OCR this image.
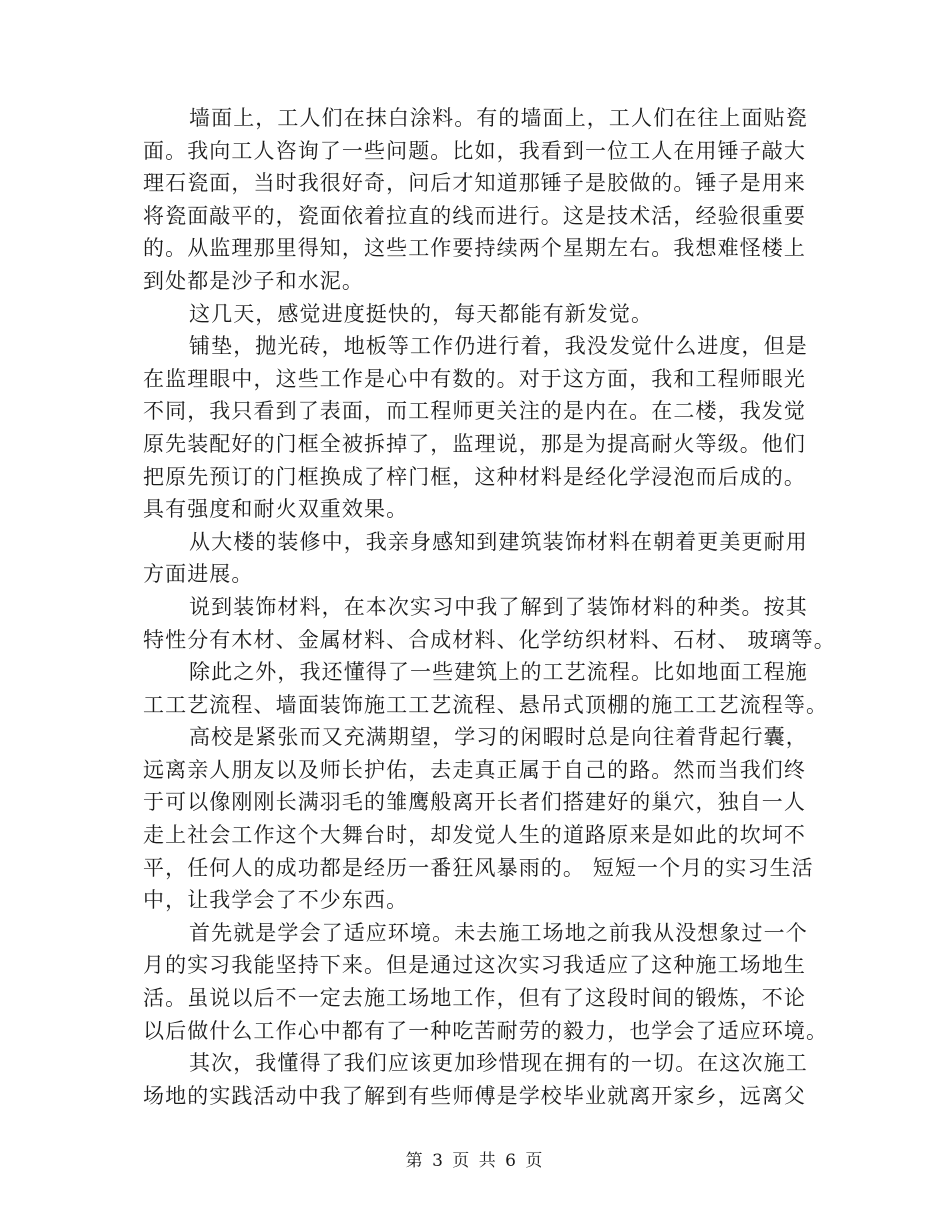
墙面上，工人们在抹白涂料。有的墙面上，工人们在往上面贴瓷
面。我向工人咨询了一些问题。比如，我看到一位工人在用锤子敲大
理石瓷面，当时我很好奇，问后才知道那锤子是胶做的。锤子是用来
将瓷面敲平的，瓷面依着拉直的线而进行。这是技术活，经验很重要
的。从监理那里得知，这些工作要持续两个星期左右。我想难怪楼上
到处都是沙子和水泥。
这几天，感觉进度挺快的，每天都能有新发觉。
铺垫，抛光砖，地板等工作仍进行着，我没发觉什么进度，但是
在监理眼中，这些工作是心中有数的。对于这方面，我和工程师眼光
不同，我只看到了表面，而工程师更关注的是内在。在二楼，我发觉
原先装配好的门框全被拆掉了，监理说，那是为提高耐火等级。他们
把原先预订的门框换成了梓门框，这种材料是经化学浸泡而后成的。
具有强度和耐火双重效果。
从大楼的装修中，我亲身感知到建筑装饰材料在朝着更美更耐用
方面进展。
说到装饰材料，在本次实习中我了解到了装饰材料的种类。按其
特性分有木材、金属材料、合成材料、化学纺织材料、石材、 玻璃等。
除此之外，我还懂得了一些建筑上的工艺流程。比如地面工程施
工工艺流程、墙面装饰施工工艺流程、悬吊式顶棚的施工工艺流程等。
高校是紧张而又充满期望，学习的闲暇时总是向往着背起行囊，
远离亲人朋友以及师长护佑，去走真正属于自己的路。然而当我们终
于可以像刚刚长满羽毛的雏鹰般离开长者们搭建好的巢穴，独自一人
走上社会工作这个大舞台时，却发觉人生的道路原来是如此的坎坷不
平，任何人的成功都是经历一番狂风暴雨的。 短短一个月的实习生活
中，让我学会了不少东西。
首先就是学会了适应环境。未去施工场地之前我从没想象过一个
月的实习我能坚持下来。但是通过这次实习我适应了这种施工场地生
活。虽说以后不一定去施工场地工作，但有了这段时间的锻炼，不论
以后做什么工作心中都有了一种吃苦耐劳的毅力，也学会了适应环境。
其次，我懂得了我们应该更加珍惜现在拥有的一切。在这次施工
场地的实践活动中我了解到有些师傅是学校毕业就离开家乡，远离父
第 3 页 共 6 页
